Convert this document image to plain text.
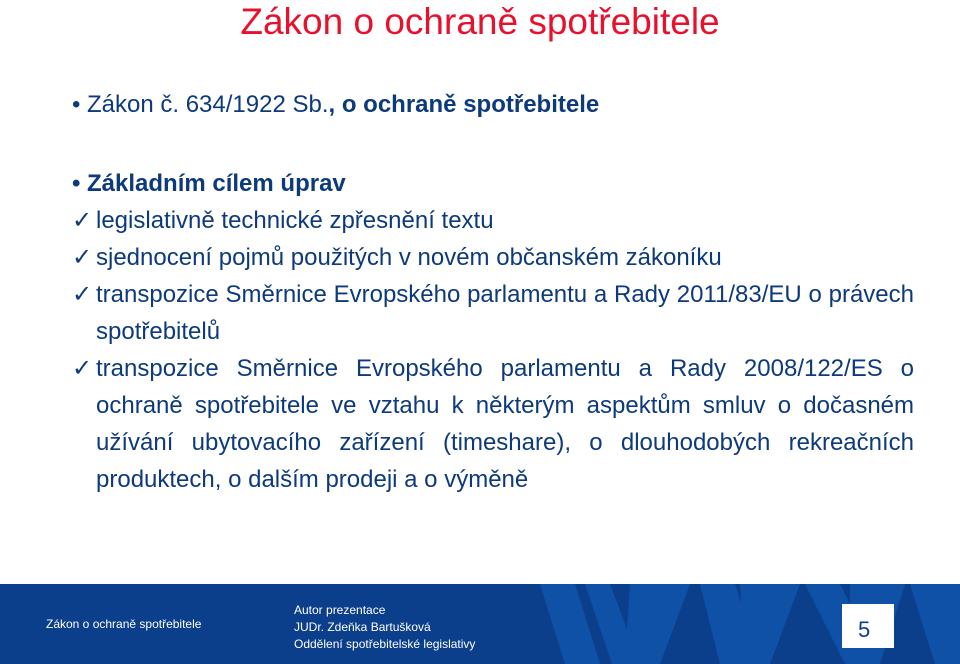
Zákon o ochraně spotřebitele
• Zákon č. 634/1922 Sb., o ochraně spotřebitele
• Základním cílem úprav
✓ legislativně technické zpřesnění textu
✓ sjednocení pojmů použitých v novém občanském zákoníku
✓ transpozice Směrnice Evropského parlamentu a Rady 2011/83/EU o právech spotřebitelů
✓ transpozice Směrnice Evropského parlamentu a Rady 2008/122/ES o ochraně spotřebitele ve vztahu k některým aspektům smluv o dočasném užívání ubytovacího zařízení (timeshare), o dlouhodobých rekreačních produktech, o dalším prodeji a o výměně
Zákon o ochraně spotřebitele
Autor prezentace
JUDr. Zdeňka Bartušková
Oddělení spotřebitelské legislativy
5
